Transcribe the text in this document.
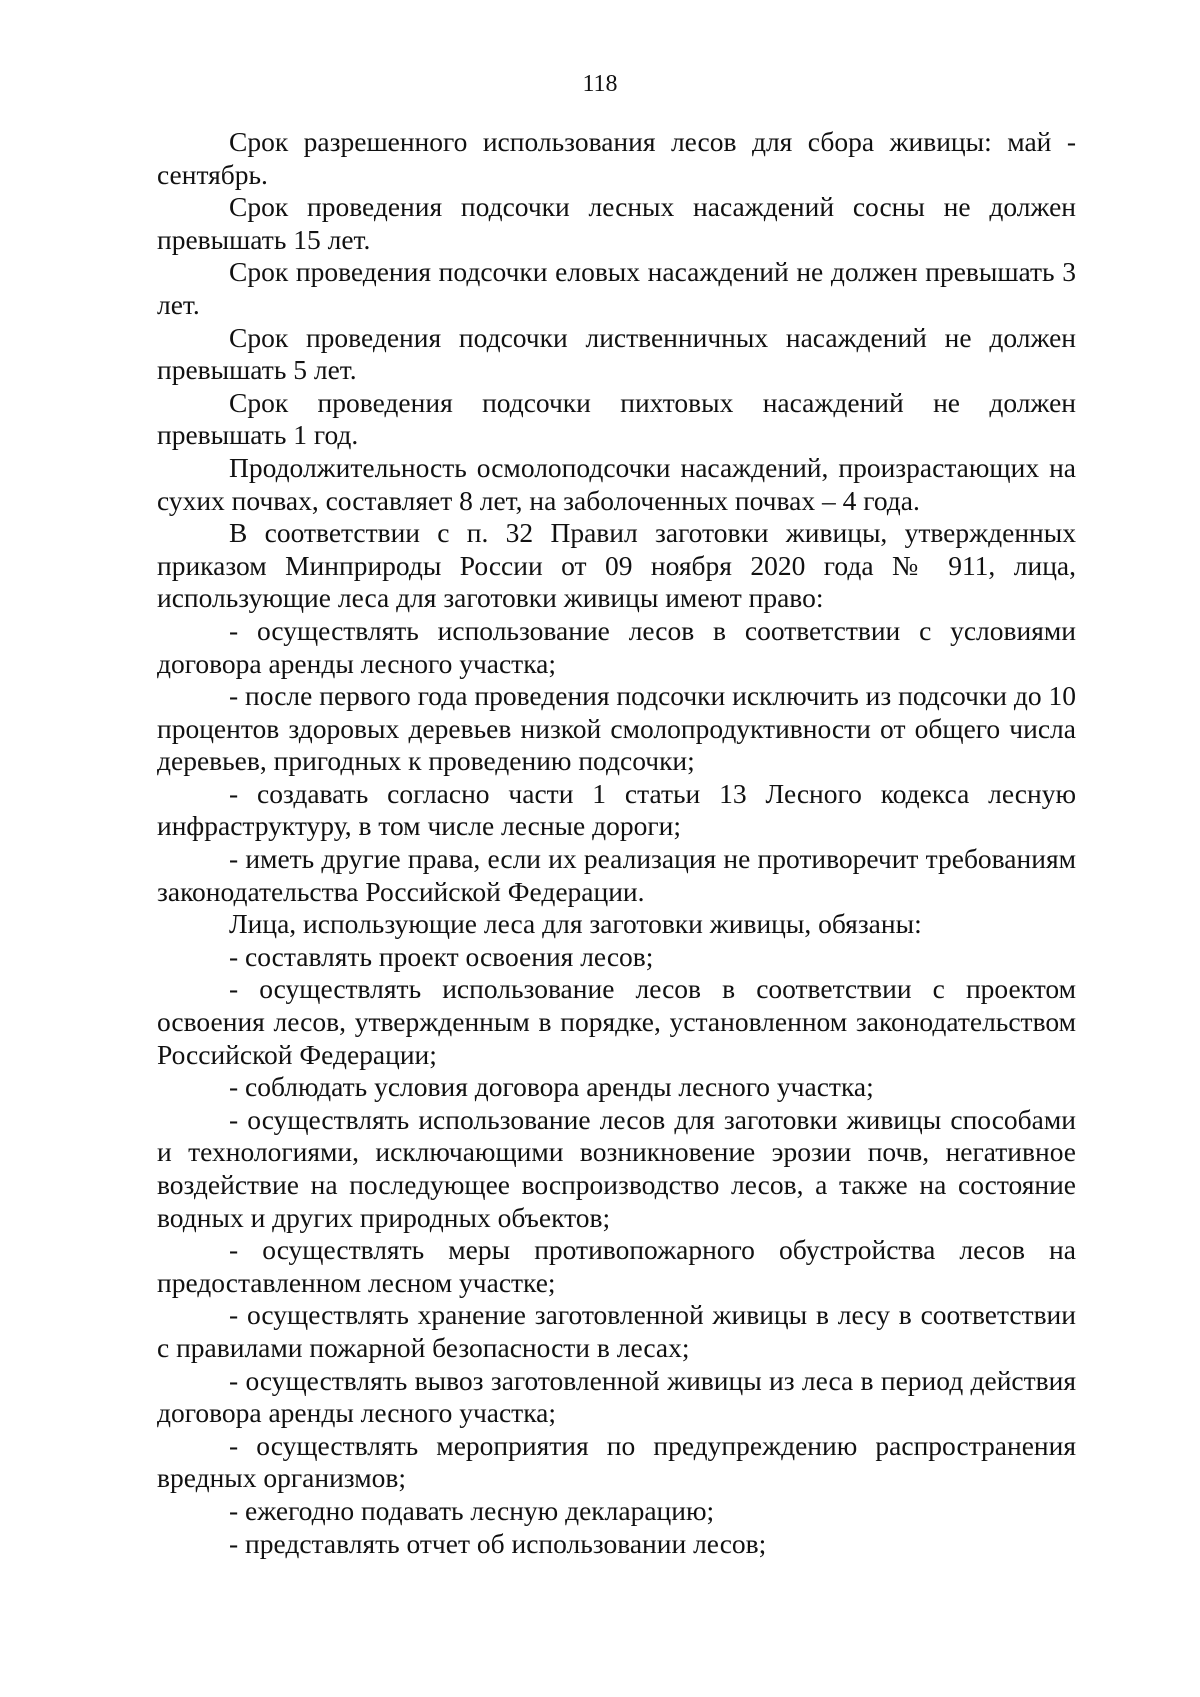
118

Срок разрешенного использования лесов для сбора живицы: май - сентябрь.

Срок проведения подсочки лесных насаждений сосны не должен превышать 15 лет.

Срок проведения подсочки еловых насаждений не должен превышать 3 лет.

Срок проведения подсочки лиственничных насаждений не должен превышать 5 лет.

Срок проведения подсочки пихтовых насаждений не должен превышать 1 год.

Продолжительность осмолоподсочки насаждений, произрастающих на сухих почвах, составляет 8 лет, на заболоченных почвах – 4 года.

В соответствии с п. 32 Правил заготовки живицы, утвержденных приказом Минприроды России от 09 ноября 2020 года № 911, лица, использующие леса для заготовки живицы имеют право:

- осуществлять использование лесов в соответствии с условиями договора аренды лесного участка;

- после первого года проведения подсочки исключить из подсочки до 10 процентов здоровых деревьев низкой смолопродуктивности от общего числа деревьев, пригодных к проведению подсочки;

- создавать согласно части 1 статьи 13 Лесного кодекса лесную инфраструктуру, в том числе лесные дороги;

- иметь другие права, если их реализация не противоречит требованиям законодательства Российской Федерации.

Лица, использующие леса для заготовки живицы, обязаны:

- составлять проект освоения лесов;

- осуществлять использование лесов в соответствии с проектом освоения лесов, утвержденным в порядке, установленном законодательством Российской Федерации;

- соблюдать условия договора аренды лесного участка;

- осуществлять использование лесов для заготовки живицы способами и технологиями, исключающими возникновение эрозии почв, негативное воздействие на последующее воспроизводство лесов, а также на состояние водных и других природных объектов;

- осуществлять меры противопожарного обустройства лесов на предоставленном лесном участке;

- осуществлять хранение заготовленной живицы в лесу в соответствии с правилами пожарной безопасности в лесах;

- осуществлять вывоз заготовленной живицы из леса в период действия договора аренды лесного участка;

- осуществлять мероприятия по предупреждению распространения вредных организмов;

- ежегодно подавать лесную декларацию;

- представлять отчет об использовании лесов;
